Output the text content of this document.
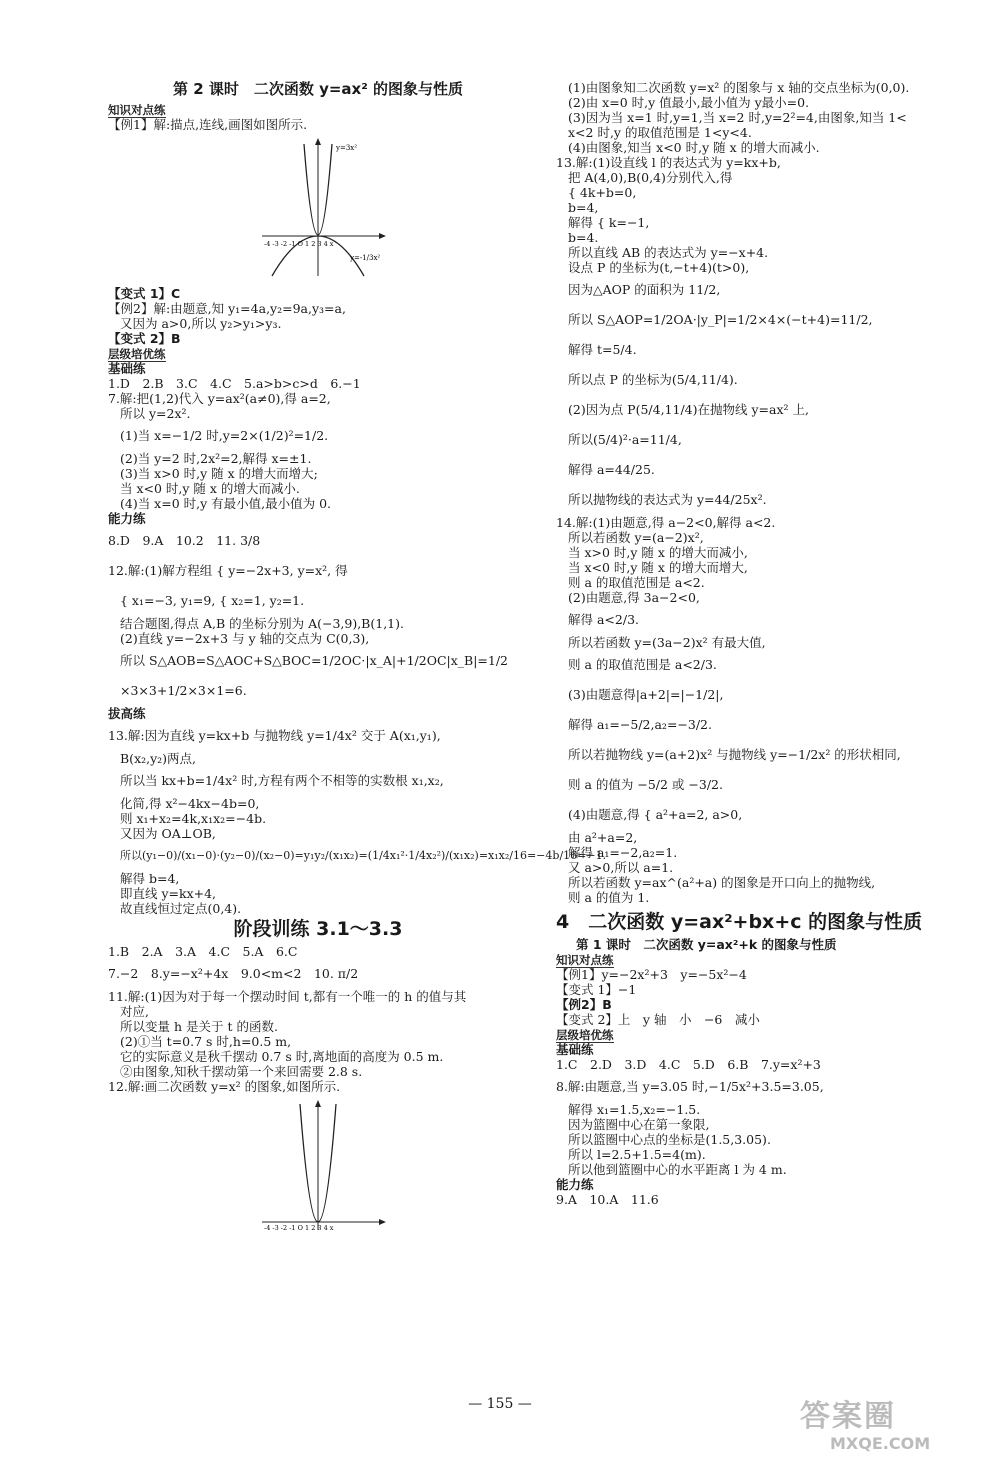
第 2 课时　二次函数 y=ax² 的图象与性质
知识对点练
【例1】解:描点,连线,画图如图所示.
y=3x²
y=-1/3x²
-4 -3 -2 -1 O 1 2 3 4 x
【变式 1】C
【例2】解:由题意,知 y₁=4a,y₂=9a,y₃=a,
又因为 a>0,所以 y₂>y₁>y₃.
【变式 2】B
层级培优练
基础练
1.D　2.B　3.C　4.C　5.a>b>c>d　6.−1
7.解:把(1,2)代入 y=ax²(a≠0),得 a=2,
所以 y=2x².
(1)当 x=−1/2 时,y=2×(1/2)²=1/2.
(2)当 y=2 时,2x²=2,解得 x=±1.
(3)当 x>0 时,y 随 x 的增大而增大;
当 x<0 时,y 随 x 的增大而减小.
(4)当 x=0 时,y 有最小值,最小值为 0.
能力练
8.D　9.A　10.2　11. 3/8
12.解:(1)解方程组 { y=−2x+3, y=x², 得
{ x₁=−3, y₁=9, { x₂=1, y₂=1.
结合题图,得点 A,B 的坐标分别为 A(−3,9),B(1,1).
(2)直线 y=−2x+3 与 y 轴的交点为 C(0,3),
所以 S△AOB=S△AOC+S△BOC=1/2OC·|x_A|+1/2OC|x_B|=1/2
×3×3+1/2×3×1=6.
拔高练
13.解:因为直线 y=kx+b 与抛物线 y=1/4x² 交于 A(x₁,y₁),
B(x₂,y₂)两点,
所以当 kx+b=1/4x² 时,方程有两个不相等的实数根 x₁,x₂,
化简,得 x²−4kx−4b=0,
则 x₁+x₂=4k,x₁x₂=−4b.
又因为 OA⊥OB,
所以(y₁−0)/(x₁−0)·(y₂−0)/(x₂−0)=y₁y₂/(x₁x₂)=(1/4x₁²·1/4x₂²)/(x₁x₂)=x₁x₂/16=−4b/16=−1.
解得 b=4,
即直线 y=kx+4,
故直线恒过定点(0,4).
阶段训练 3.1～3.3
1.B　2.A　3.A　4.C　5.A　6.C
7.−2　8.y=−x²+4x　9.0<m<2　10. π/2
11.解:(1)因为对于每一个摆动时间 t,都有一个唯一的 h 的值与其
对应,
所以变量 h 是关于 t 的函数.
(2)①当 t=0.7 s 时,h=0.5 m,
它的实际意义是秋千摆动 0.7 s 时,离地面的高度为 0.5 m.
②由图象,知秋千摆动第一个来回需要 2.8 s.
12.解:画二次函数 y=x² 的图象,如图所示.
-4 -3 -2 -1 O 1 2 3 4 x
(1)由图象知二次函数 y=x² 的图象与 x 轴的交点坐标为(0,0).
(2)由 x=0 时,y 值最小,最小值为 y最小=0.
(3)因为当 x=1 时,y=1,当 x=2 时,y=2²=4,由图象,知当 1<
x<2 时,y 的取值范围是 1<y<4.
(4)由图象,知当 x<0 时,y 随 x 的增大而减小.
13.解:(1)设直线 l 的表达式为 y=kx+b,
把 A(4,0),B(0,4)分别代入,得
{ 4k+b=0,
b=4,
解得 { k=−1,
b=4.
所以直线 AB 的表达式为 y=−x+4.
设点 P 的坐标为(t,−t+4)(t>0),
因为△AOP 的面积为 11/2,
所以 S△AOP=1/2OA·|y_P|=1/2×4×(−t+4)=11/2,
解得 t=5/4.
所以点 P 的坐标为(5/4,11/4).
(2)因为点 P(5/4,11/4)在抛物线 y=ax² 上,
所以(5/4)²·a=11/4,
解得 a=44/25.
所以抛物线的表达式为 y=44/25x².
14.解:(1)由题意,得 a−2<0,解得 a<2.
所以若函数 y=(a−2)x²,
当 x>0 时,y 随 x 的增大而减小,
当 x<0 时,y 随 x 的增大而增大,
则 a 的取值范围是 a<2.
(2)由题意,得 3a−2<0,
解得 a<2/3.
所以若函数 y=(3a−2)x² 有最大值,
则 a 的取值范围是 a<2/3.
(3)由题意得|a+2|=|−1/2|,
解得 a₁=−5/2,a₂=−3/2.
所以若抛物线 y=(a+2)x² 与抛物线 y=−1/2x² 的形状相同,
则 a 的值为 −5/2 或 −3/2.
(4)由题意,得 { a²+a=2, a>0,
由 a²+a=2,
解得 a₁=−2,a₂=1.
又 a>0,所以 a=1.
所以若函数 y=ax^(a²+a) 的图象是开口向上的抛物线,
则 a 的值为 1.
4　二次函数 y=ax²+bx+c 的图象与性质
第 1 课时　二次函数 y=ax²+k 的图象与性质
知识对点练
【例1】y=−2x²+3　y=−5x²−4
【变式 1】−1
【例2】B
【变式 2】上　y 轴　小　−6　减小
层级培优练
基础练
1.C　2.D　3.D　4.C　5.D　6.B　7.y=x²+3
8.解:由题意,当 y=3.05 时,−1/5x²+3.5=3.05,
解得 x₁=1.5,x₂=−1.5.
因为篮圈中心在第一象限,
所以篮圈中心点的坐标是(1.5,3.05).
所以 l=2.5+1.5=4(m).
所以他到篮圈中心的水平距离 l 为 4 m.
能力练
9.A　10.A　11.6
— 155 —	答案圈
MXQE.COM
